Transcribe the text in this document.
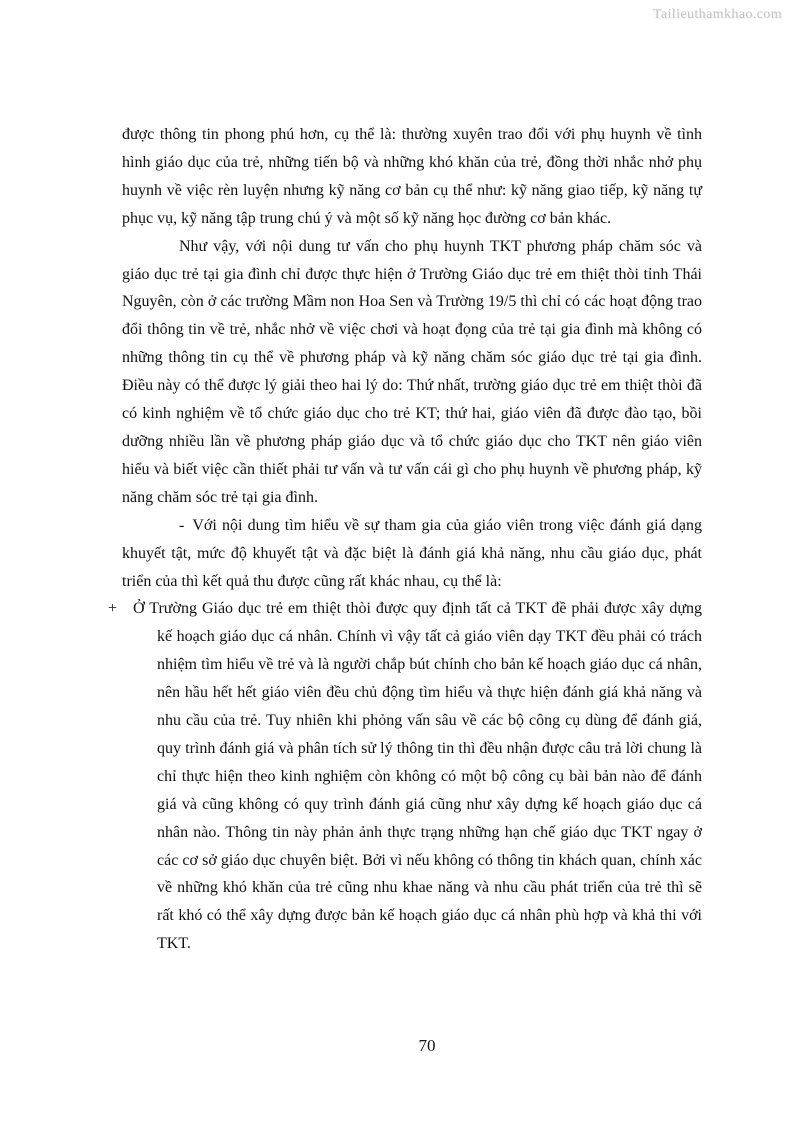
Tailieuthamkhao.com

được thông tin phong phú hơn, cụ thể là: thường xuyên trao đổi với phụ huynh về tình hình giáo dục của trẻ, những tiến bộ và những khó khăn của trẻ, đồng thời nhắc nhở phụ huynh về việc rèn luyện nhưng kỹ năng cơ bản cụ thể như: kỹ năng giao tiếp, kỹ năng tự phục vụ, kỹ năng tập trung chú ý và một số kỹ năng học đường cơ bản khác.

Như vậy, với nội dung tư vấn cho phụ huynh TKT phương pháp chăm sóc và giáo dục trẻ tại gia đình chỉ được thực hiện ở Trường Giáo dục trẻ em thiệt thòi tỉnh Thái Nguyên, còn ở các trường Mầm non Hoa Sen và Trường 19/5 thì chỉ có các hoạt động trao đổi thông tin về trẻ, nhắc nhở về việc chơi và hoạt đọng của trẻ tại gia đình mà không có những thông tin cụ thể về phương pháp và kỹ năng chăm sóc giáo dục trẻ tại gia đình. Điều này có thể được lý giải theo hai lý do: Thứ nhất, trường giáo dục trẻ em thiệt thòi đã có kinh nghiệm về tổ chức giáo dục cho trẻ KT; thứ hai, giáo viên đã được đào tạo, bồi dưỡng nhiều lần về phương pháp giáo dục và tổ chức giáo dục cho TKT nên giáo viên hiểu và biết việc cần thiết phải tư vấn và tư vấn cái gì cho phụ huynh về phương pháp, kỹ năng chăm sóc trẻ tại gia đình.

- Với nội dung tìm hiểu về sự tham gia của giáo viên trong việc đánh giá dạng khuyết tật, mức độ khuyết tật và đặc biệt là đánh giá khả năng, nhu cầu giáo dục, phát triển của thì kết quả thu được cũng rất khác nhau, cụ thể là:

+ Ở Trường Giáo dục trẻ em thiệt thòi được quy định tất cả TKT đề phải được xây dựng kế hoạch giáo dục cá nhân. Chính vì vậy tất cả giáo viên dạy TKT đều phải có trách nhiệm tìm hiểu về trẻ và là người chắp bút chính cho bản kế hoạch giáo dục cá nhân, nên hầu hết hết giáo viên đều chủ động tìm hiểu và thực hiện đánh giá khả năng và nhu cầu của trẻ. Tuy nhiên khi phỏng vấn sâu về các bộ công cụ dùng để đánh giá, quy trình đánh giá và phân tích sử lý thông tin thì đều nhận được câu trả lời chung là chỉ thực hiện theo kinh nghiệm còn không có một bộ công cụ bài bản nào để đánh giá và cũng không có quy trình đánh giá cũng như xây dựng kế hoạch giáo dục cá nhân nào. Thông tin này phản ảnh thực trạng những hạn chế giáo dục TKT ngay ở các cơ sở giáo dục chuyên biệt. Bởi vì nếu không có thông tin khách quan, chính xác về những khó khăn của trẻ cũng nhu khae năng và nhu cầu phát triển của trẻ thì sẽ rất khó có thể xây dựng được bản kế hoạch giáo dục cá nhân phù hợp và khả thi với TKT.

70
